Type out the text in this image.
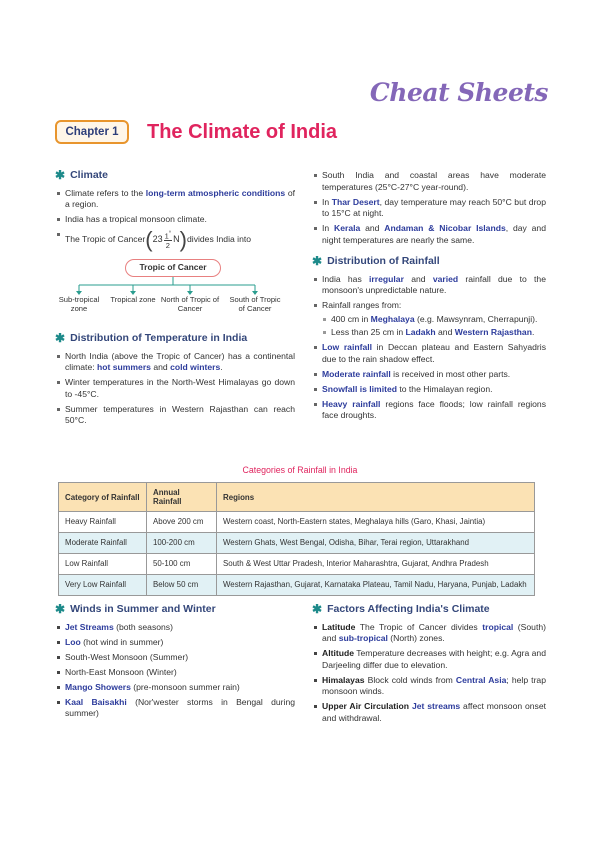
Cheat Sheets
Chapter 1	The Climate of India
✱ Climate
Climate refers to the long-term atmospheric conditions of a region.
India has a tropical monsoon climate.
The Tropic of Cancer ( 23 1°
2
N ) divides India into
Tropic of Cancer
Sub-tropical zone
Tropical zone North of Tropic of Cancer
South of Tropic of Cancer
✱ Distribution of Temperature in India
North India (above the Tropic of Cancer) has a continental climate: hot summers and cold winters.
Winter temperatures in the North-West Himalayas go down to -45°C.
Summer temperatures in Western Rajasthan can reach 50°C.
South India and coastal areas have moderate temperatures (25°C-27°C year-round).
In Thar Desert, day temperature may reach 50°C but drop to 15°C at night.
In Kerala and Andaman & Nicobar Islands, day and night temperatures are nearly the same.
✱ Distribution of Rainfall
India has irregular and varied rainfall due to the monsoon's unpredictable nature.
Rainfall ranges from:
400 cm in Meghalaya (e.g. Mawsynram, Cherrapunji).
Less than 25 cm in Ladakh and Western Rajasthan.
Low rainfall in Deccan plateau and Eastern Sahyadris due to the rain shadow effect.
Moderate rainfall is received in most other parts.
Snowfall is limited to the Himalayan region.
Heavy rainfall regions face floods; low rainfall regions face droughts.
Categories of Rainfall in India
Category of Rainfall	Annual Rainfall	Regions
Heavy Rainfall	Above 200 cm	Western coast, North-Eastern states, Meghalaya hills (Garo, Khasi, Jaintia)
Moderate Rainfall	100-200 cm	Western Ghats, West Bengal, Odisha, Bihar, Terai region, Uttarakhand
Low Rainfall	50-100 cm	South & West Uttar Pradesh, Interior Maharashtra, Gujarat, Andhra Pradesh
Very Low Rainfall	Below 50 cm	Western Rajasthan, Gujarat, Karnataka Plateau, Tamil Nadu, Haryana, Punjab, Ladakh
✱ Winds in Summer and Winter
Jet Streams (both seasons)
Loo (hot wind in summer)
South-West Monsoon (Summer)
North-East Monsoon (Winter)
Mango Showers (pre-monsoon summer rain)
Kaal Baisakhi (Nor'wester storms in Bengal during summer)
✱ Factors Affecting India's Climate
Latitude The Tropic of Cancer divides tropical (South) and sub-tropical (North) zones.
Altitude Temperature decreases with height; e.g. Agra and Darjeeling differ due to elevation.
Himalayas Block cold winds from Central Asia; help trap monsoon winds.
Upper Air Circulation Jet streams affect monsoon onset and withdrawal.
